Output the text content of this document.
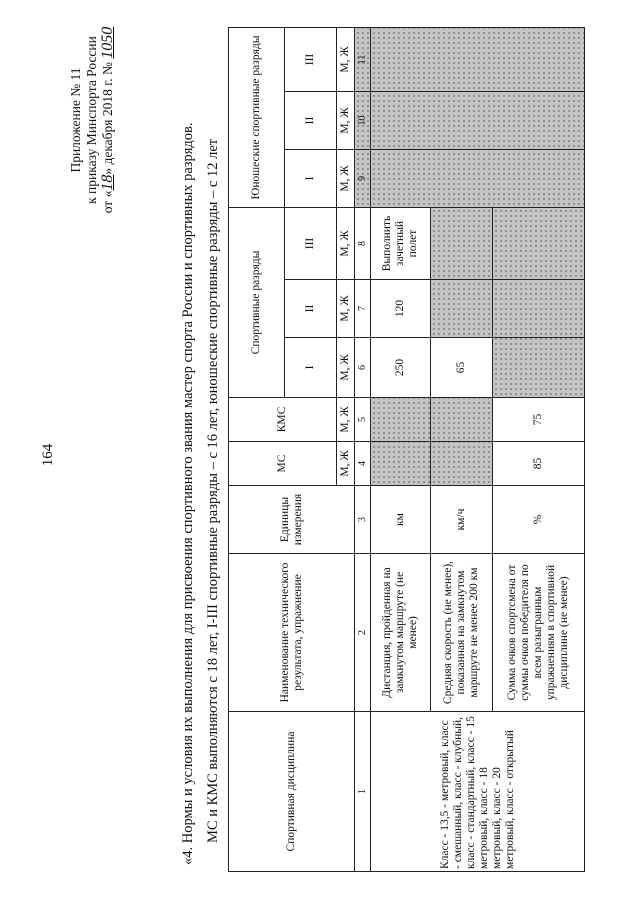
164
Приложение № 11 к приказу Минспорта России от «18» декабря 2018 г. № 1050
«4. Нормы и условия их выполнения для присвоения спортивного звания мастер спорта России и спортивных разрядов. МС и КМС выполняются с 18 лет, I-III спортивные разряды – с 16 лет, юношеские спортивные разряды – с 12 лет	Спортивная дисциплина	Наименование технического результата, упражнение	Единицы измерения	МС	КМС	Спортивные разряды			Юношеские спортивные разряды		
					I	II	III	I	II	III
			М, Ж	М, Ж	М, Ж	М, Ж	М, Ж	М, Ж	М, Ж	М, Ж
1	2	3	4	5	6	7	8	9	10	11
Класс - 13,5 - метровый, класс - смешанный, класс - клубный, класс - стандартный, класс - 15 метровый, класс - 18 метровый, класс - 20 метровый, класс - открытый	Дистанция, пройденная на замкнутом маршруте (не менее)	км			250	120	Выполнить зачетный полет			
	Средняя скорость (не менее), показанная на замкнутом маршруте не менее 200 км	км/ч			65					
	Сумма очков спортсмена от суммы очков победителя по всем разыгранным упражнениям в спортивной дисциплине (не менее)	%	85	75						
